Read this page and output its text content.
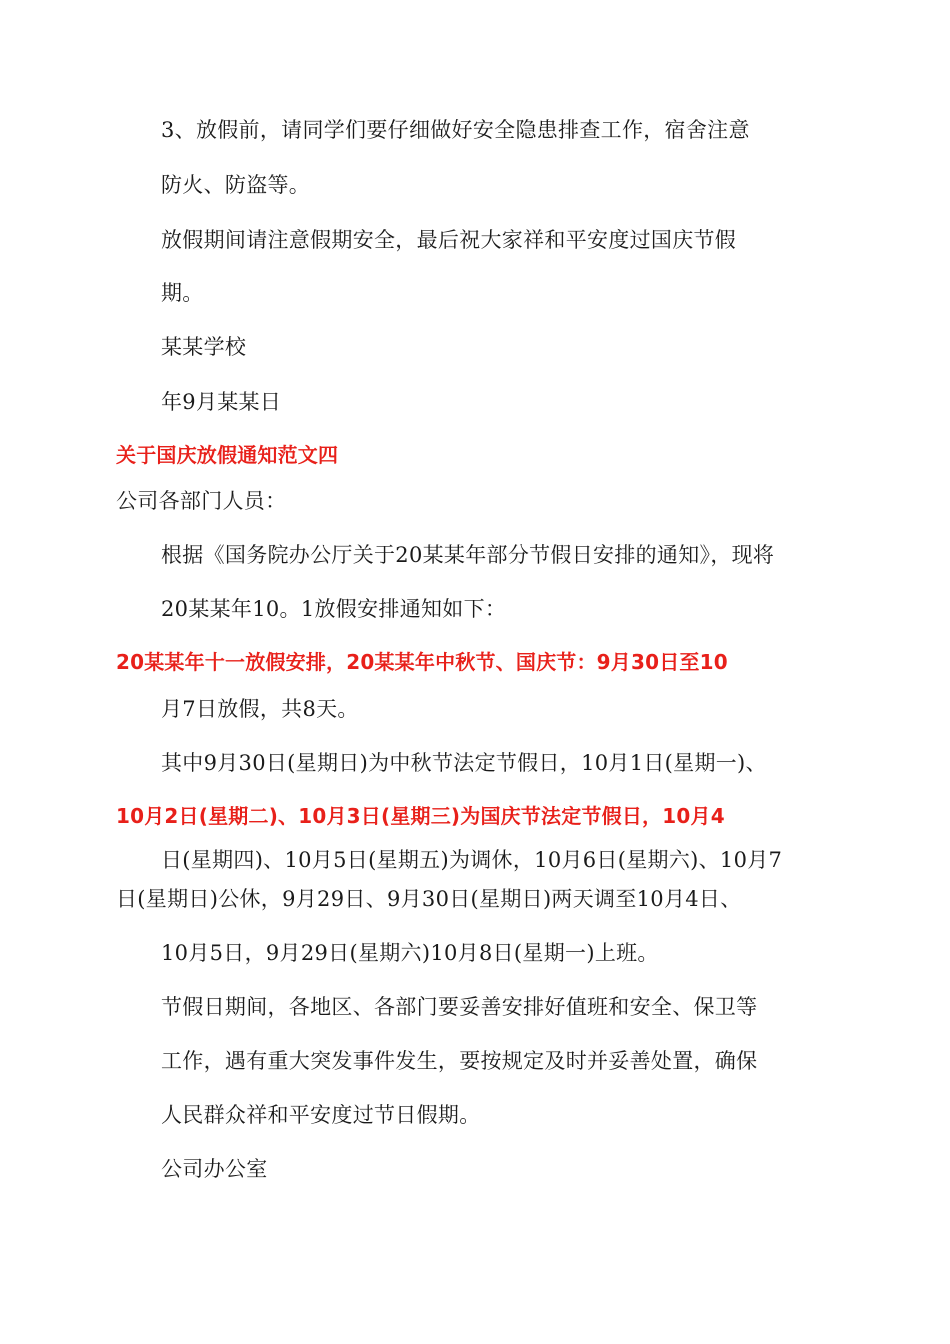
3、放假前，请同学们要仔细做好安全隐患排查工作，宿舍注意
防火、防盗等。
放假期间请注意假期安全，最后祝大家祥和平安度过国庆节假
期。
某某学校
年9月某某日
关于国庆放假通知范文四
公司各部门人员：
根据《国务院办公厅关于20某某年部分节假日安排的通知》，现将
20某某年10。1放假安排通知如下：
20某某年十一放假安排，20某某年中秋节、国庆节：9月30日至10
月7日放假，共8天。
其中9月30日(星期日)为中秋节法定节假日，10月1日(星期一)、
10月2日(星期二)、10月3日(星期三)为国庆节法定节假日，10月4
日(星期四)、10月5日(星期五)为调休，10月6日(星期六)、10月7
日(星期日)公休，9月29日、9月30日(星期日)两天调至10月4日、
10月5日，9月29日(星期六)10月8日(星期一)上班。
节假日期间，各地区、各部门要妥善安排好值班和安全、保卫等
工作，遇有重大突发事件发生，要按规定及时并妥善处置，确保
人民群众祥和平安度过节日假期。
公司办公室
